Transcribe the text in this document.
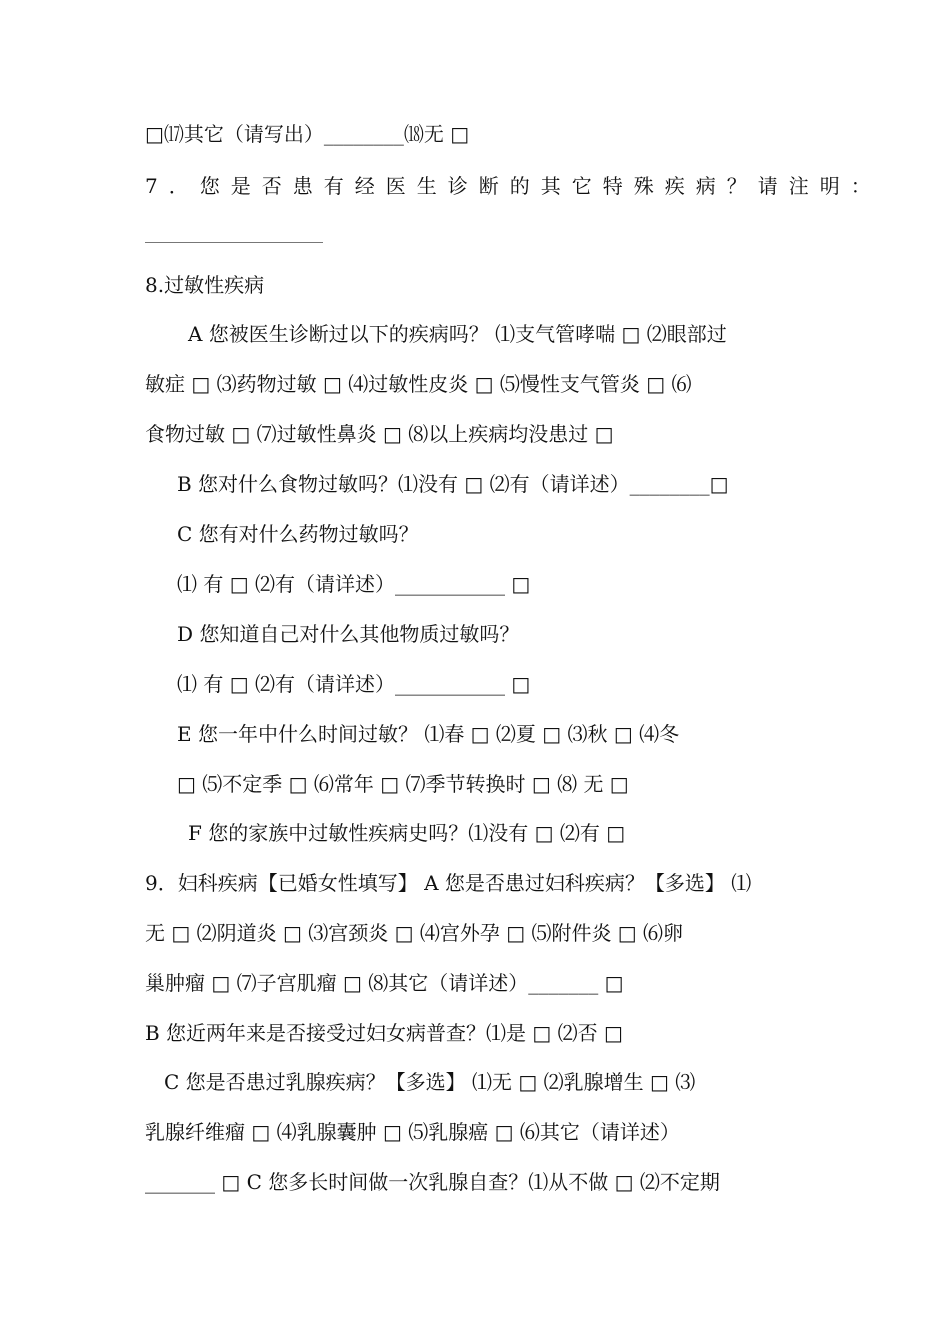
□⒄其它（请写出）________⒅无 □
7．您是否患有经医生诊断的其它特殊疾病？请注明：
8.过敏性疾病
A 您被医生诊断过以下的疾病吗？ ⑴支气管哮喘 □ ⑵眼部过
敏症 □ ⑶药物过敏 □ ⑷过敏性皮炎 □ ⑸慢性支气管炎 □ ⑹
食物过敏 □ ⑺过敏性鼻炎 □ ⑻以上疾病均没患过 □
B 您对什么食物过敏吗？⑴没有 □ ⑵有（请详述）________□
C 您有对什么药物过敏吗？
⑴ 有 □ ⑵有（请详述）___________ □
D 您知道自己对什么其他物质过敏吗？
⑴ 有 □ ⑵有（请详述）___________ □
E 您一年中什么时间过敏？ ⑴春 □ ⑵夏 □ ⑶秋 □ ⑷冬
□ ⑸不定季 □ ⑹常年 □ ⑺季节转换时 □ ⑻ 无 □
F 您的家族中过敏性疾病史吗？⑴没有 □ ⑵有 □
9．妇科疾病【已婚女性填写】 A 您是否患过妇科疾病？【多选】 ⑴
无 □ ⑵阴道炎 □ ⑶宫颈炎 □ ⑷宫外孕 □ ⑸附件炎 □ ⑹卵
巢肿瘤 □ ⑺子宫肌瘤 □ ⑻其它（请详述）_______ □
B 您近两年来是否接受过妇女病普查？⑴是 □ ⑵否 □
C 您是否患过乳腺疾病？【多选】 ⑴无 □ ⑵乳腺增生 □ ⑶
乳腺纤维瘤 □ ⑷乳腺囊肿 □ ⑸乳腺癌 □ ⑹其它（请详述）
_______ □ C 您多长时间做一次乳腺自查？⑴从不做 □ ⑵不定期
